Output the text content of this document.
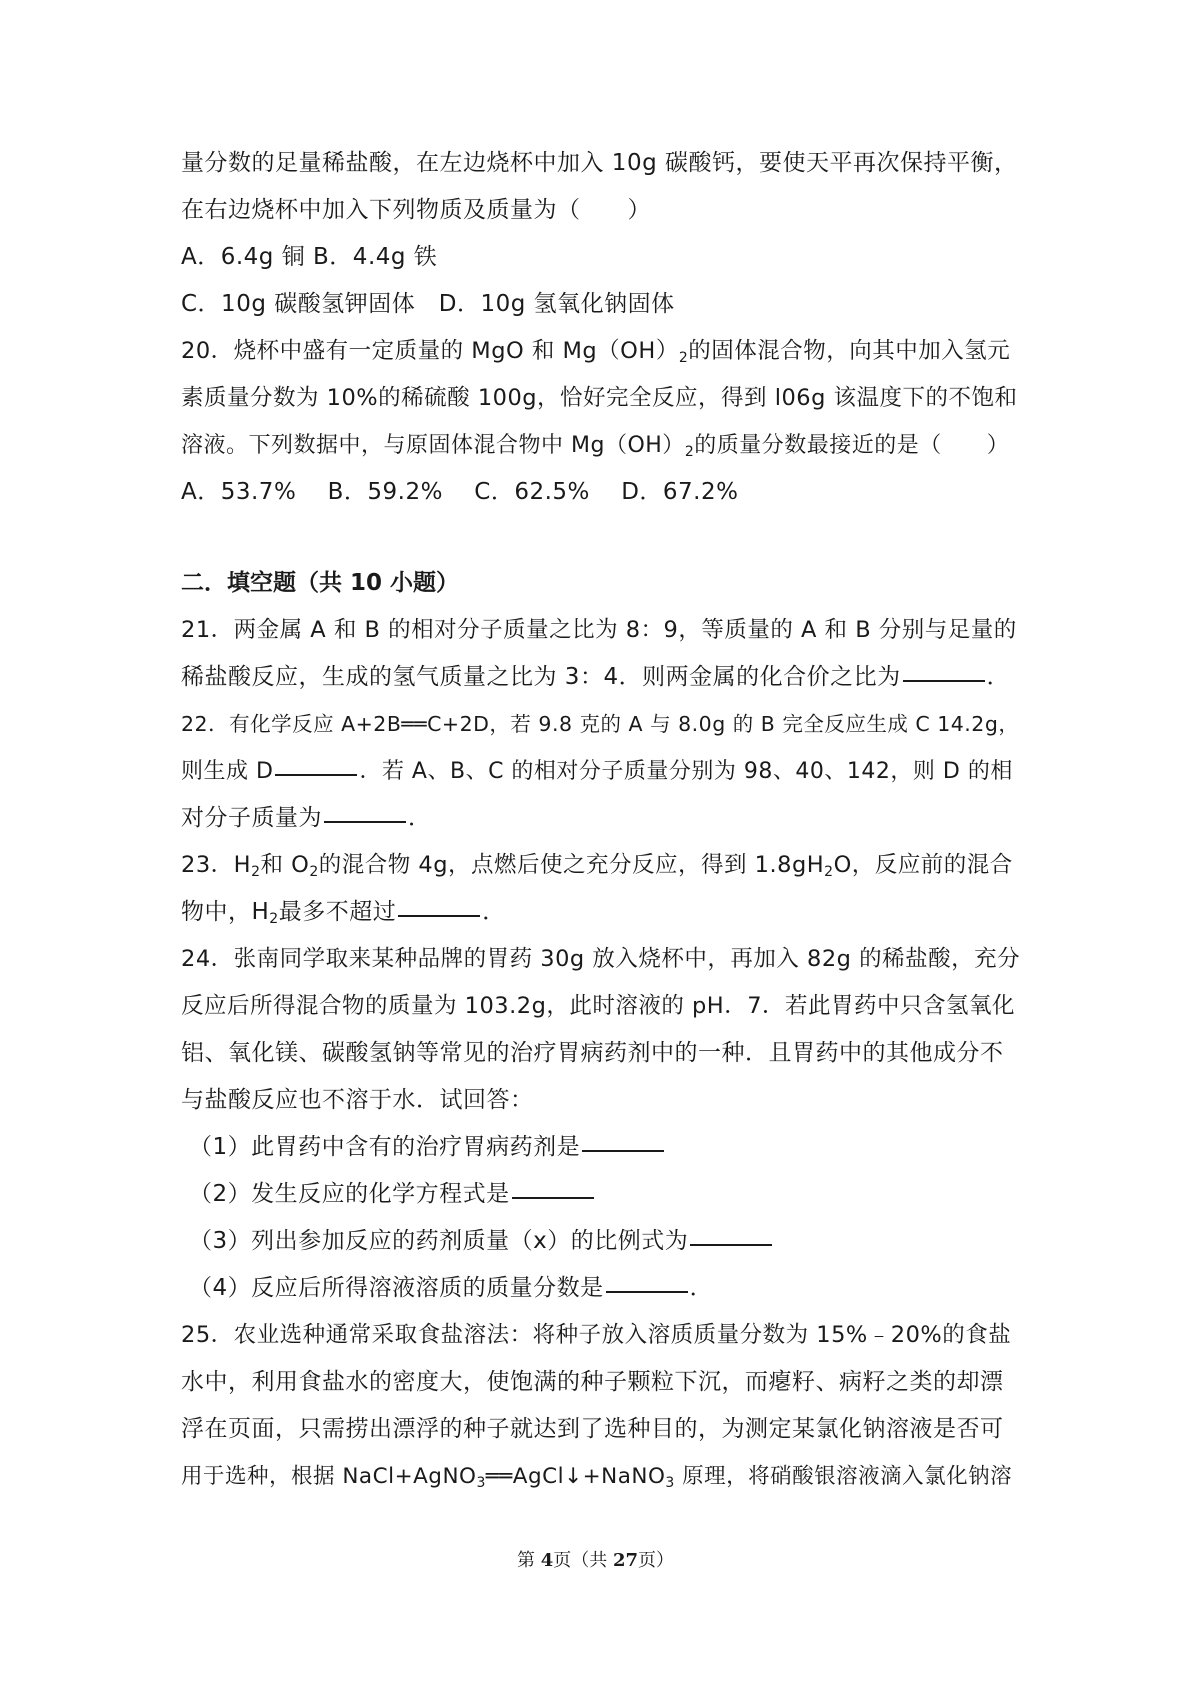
量分数的足量稀盐酸，在左边烧杯中加入 10g 碳酸钙，要使天平再次保持平衡，
在右边烧杯中加入下列物质及质量为（　　）
A．6.4g 铜 B．4.4g 铁
C．10g 碳酸氢钾固体　D．10g 氢氧化钠固体
20．烧杯中盛有一定质量的 MgO 和 $Mg(OH)_2$的固体混合物，向其中加入氢元
素质量分数为 10%的稀硫酸 100g，恰好完全反应，得到 l06g 该温度下的不饱和
溶液。下列数据中，与原固体混合物中 $Mg(OH)_2$的质量分数最接近的是（　　）
A．53.7%　 B．59.2%　 C．62.5%　 D．67.2%
二．填空题（共 10 小题）
21．两金属 A 和 B 的相对分子质量之比为 8：9，等质量的 A 和 B 分别与足量的
稀盐酸反应，生成的氢气质量之比为 3：4．则两金属的化合价之比为	．
22．有化学反应 A+2B══C+2D，若 9.8 克的 A 与 8.0g 的 B 完全反应生成 C 14.2g，
则生成 D	．若 A、B、C 的相对分子质量分别为 98、40、142，则 D 的相
对分子质量为	．
23．$H_2$和 $O_2$的混合物 4g，点燃后使之充分反应，得到 $1.8gH_2O$，反应前的混合
物中，$H_2$最多不超过	．
24．张南同学取来某种品牌的胃药 30g 放入烧杯中，再加入 82g 的稀盐酸，充分
反应后所得混合物的质量为 103.2g，此时溶液的 pH．7．若此胃药中只含氢氧化
铝、氧化镁、碳酸氢钠等常见的治疗胃病药剂中的一种．且胃药中的其他成分不
与盐酸反应也不溶于水．试回答：
（1）此胃药中含有的治疗胃病药剂是
（2）发生反应的化学方程式是
（3）列出参加反应的药剂质量（x）的比例式为
（4）反应后所得溶液溶质的质量分数是	．
25．农业选种通常采取食盐溶法：将种子放入溶质质量分数为 15%﹣20%的食盐
水中，利用食盐水的密度大，使饱满的种子颗粒下沉，而瘪籽、病籽之类的却漂
浮在页面，只需捞出漂浮的种子就达到了选种目的，为测定某氯化钠溶液是否可
用于选种，根据 NaCl+AgNO$_3$══AgCl↓+NaNO$_3$ 原理，将硝酸银溶液滴入氯化钠溶
第 4页（共 27页）
